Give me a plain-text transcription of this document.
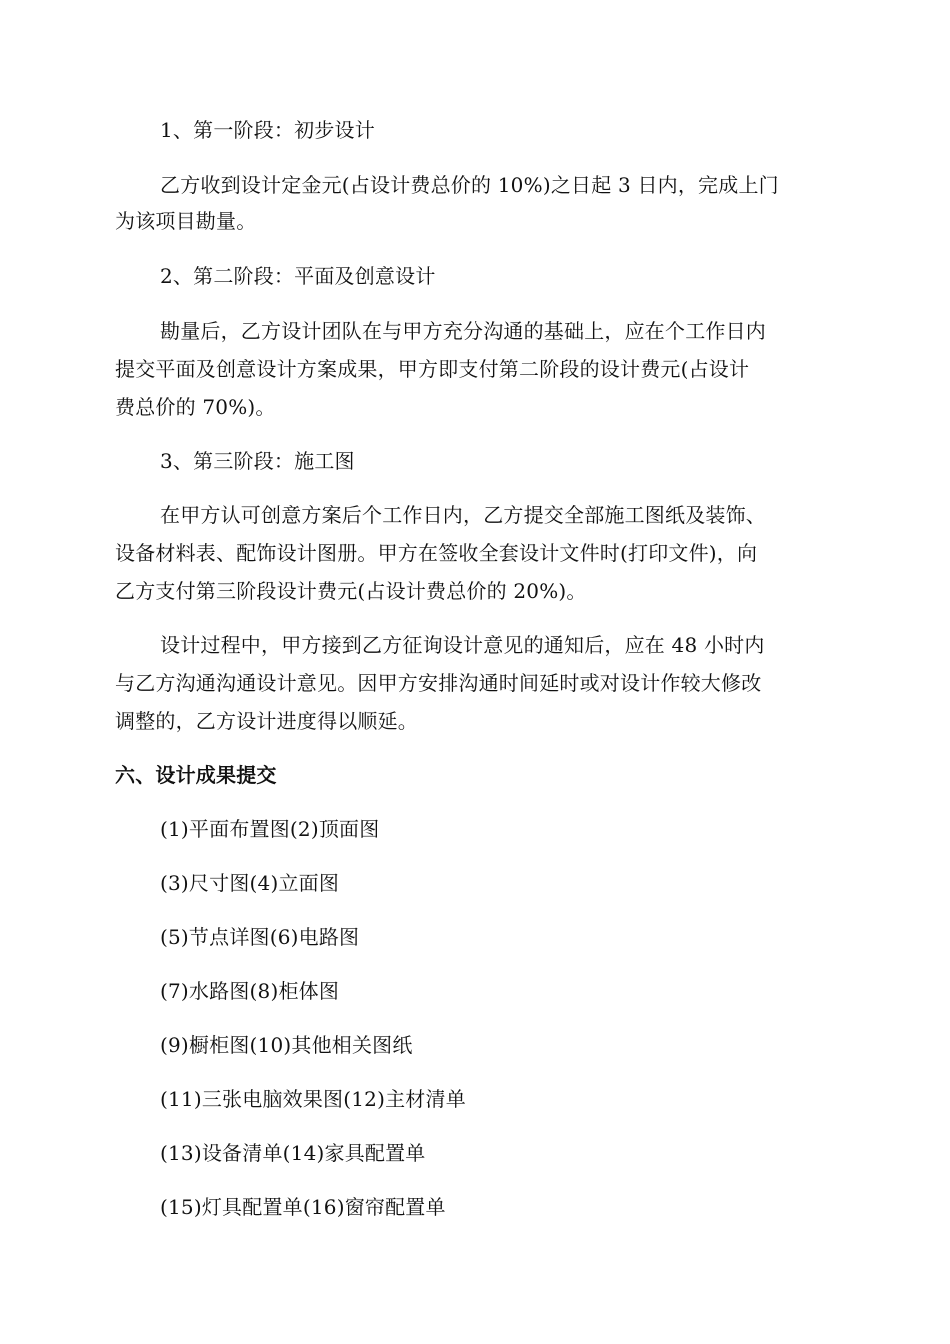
1、第一阶段：初步设计
乙方收到设计定金元(占设计费总价的 10%)之日起 3 日内，完成上门
为该项目勘量。
2、第二阶段：平面及创意设计
勘量后，乙方设计团队在与甲方充分沟通的基础上，应在个工作日内
提交平面及创意设计方案成果，甲方即支付第二阶段的设计费元(占设计
费总价的 70%)。
3、第三阶段：施工图
在甲方认可创意方案后个工作日内，乙方提交全部施工图纸及装饰、
设备材料表、配饰设计图册。甲方在签收全套设计文件时(打印文件)，向
乙方支付第三阶段设计费元(占设计费总价的 20%)。
设计过程中，甲方接到乙方征询设计意见的通知后，应在 48 小时内
与乙方沟通沟通设计意见。因甲方安排沟通时间延时或对设计作较大修改
调整的，乙方设计进度得以顺延。
六、设计成果提交
(1)平面布置图(2)顶面图
(3)尺寸图(4)立面图
(5)节点详图(6)电路图
(7)水路图(8)柜体图
(9)橱柜图(10)其他相关图纸
(11)三张电脑效果图(12)主材清单
(13)设备清单(14)家具配置单
(15)灯具配置单(16)窗帘配置单
